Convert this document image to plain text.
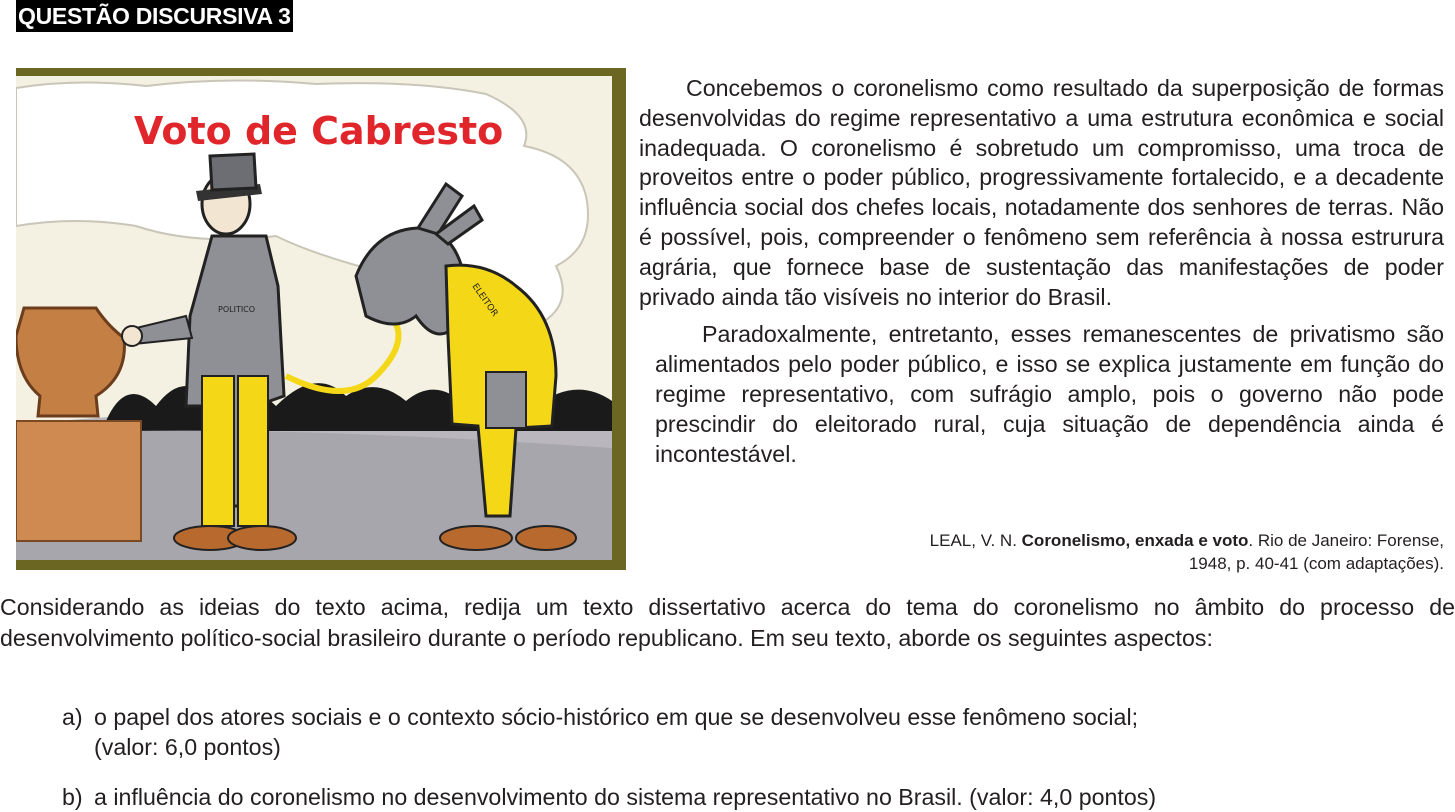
QUESTÃO DISCURSIVA 3
Voto de Cabresto
POLITICO	ELEITOR

Concebemos o coronelismo como resultado da superposição de formas desenvolvidas do regime representativo a uma estrutura econômica e social inadequada. O coronelismo é sobretudo um compromisso, uma troca de proveitos entre o poder público, progressivamente fortalecido, e a decadente influência social dos chefes locais, notadamente dos senhores de terras. Não é possível, pois, compreender o fenômeno sem referência à nossa estrurura agrária, que fornece base de sustentação das manifestações de poder privado ainda tão visíveis no interior do Brasil.

Paradoxalmente, entretanto, esses remanescentes de privatismo são alimentados pelo poder público, e isso se explica justamente em função do regime representativo, com sufrágio amplo, pois o governo não pode prescindir do eleitorado rural, cuja situação de dependência ainda é incontestável.

LEAL, V. N. Coronelismo, enxada e voto. Rio de Janeiro: Forense,
1948, p. 40-41 (com adaptações).

Considerando as ideias do texto acima, redija um texto dissertativo acerca do tema do coronelismo no âmbito do processo de desenvolvimento político-social brasileiro durante o período republicano. Em seu texto, aborde os seguintes aspectos:

a) o papel dos atores sociais e o contexto sócio-histórico em que se desenvolveu esse fenômeno social;
(valor: 6,0 pontos)
b) a influência do coronelismo no desenvolvimento do sistema representativo no Brasil. (valor: 4,0 pontos)
